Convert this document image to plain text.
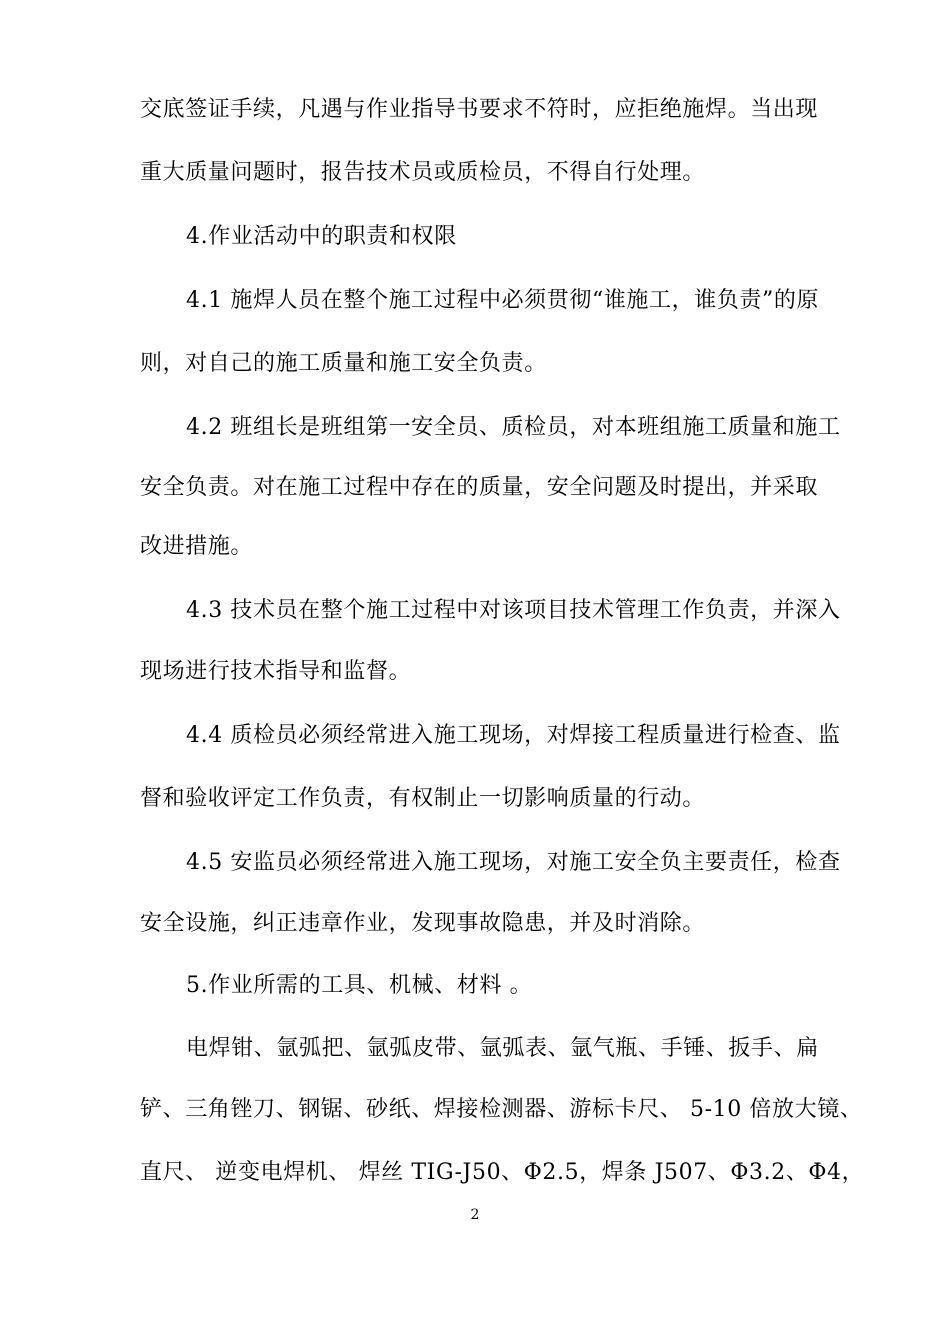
交底签证手续，凡遇与作业指导书要求不符时，应拒绝施焊。当出现
重大质量问题时，报告技术员或质检员，不得自行处理。
4.作业活动中的职责和权限
4.1 施焊人员在整个施工过程中必须贯彻“谁施工，谁负责”的原
则，对自己的施工质量和施工安全负责。
4.2 班组长是班组第一安全员、质检员，对本班组施工质量和施工
安全负责。对在施工过程中存在的质量，安全问题及时提出，并采取
改进措施。
4.3 技术员在整个施工过程中对该项目技术管理工作负责，并深入
现场进行技术指导和监督。
4.4 质检员必须经常进入施工现场，对焊接工程质量进行检查、监
督和验收评定工作负责，有权制止一切影响质量的行动。
4.5 安监员必须经常进入施工现场，对施工安全负主要责任，检查
安全设施，纠正违章作业，发现事故隐患，并及时消除。
5.作业所需的工具、机械、材料 。
电焊钳、氩弧把、氩弧皮带、氩弧表、氩气瓶、手锤、扳手、扁
铲、三角锉刀、钢锯、砂纸、焊接检测器、游标卡尺、 5-10 倍放大镜、
直尺、 逆变电焊机、 焊丝 TIG-J50、Φ2.5，焊条 J507、Φ3.2、Φ4，
2
